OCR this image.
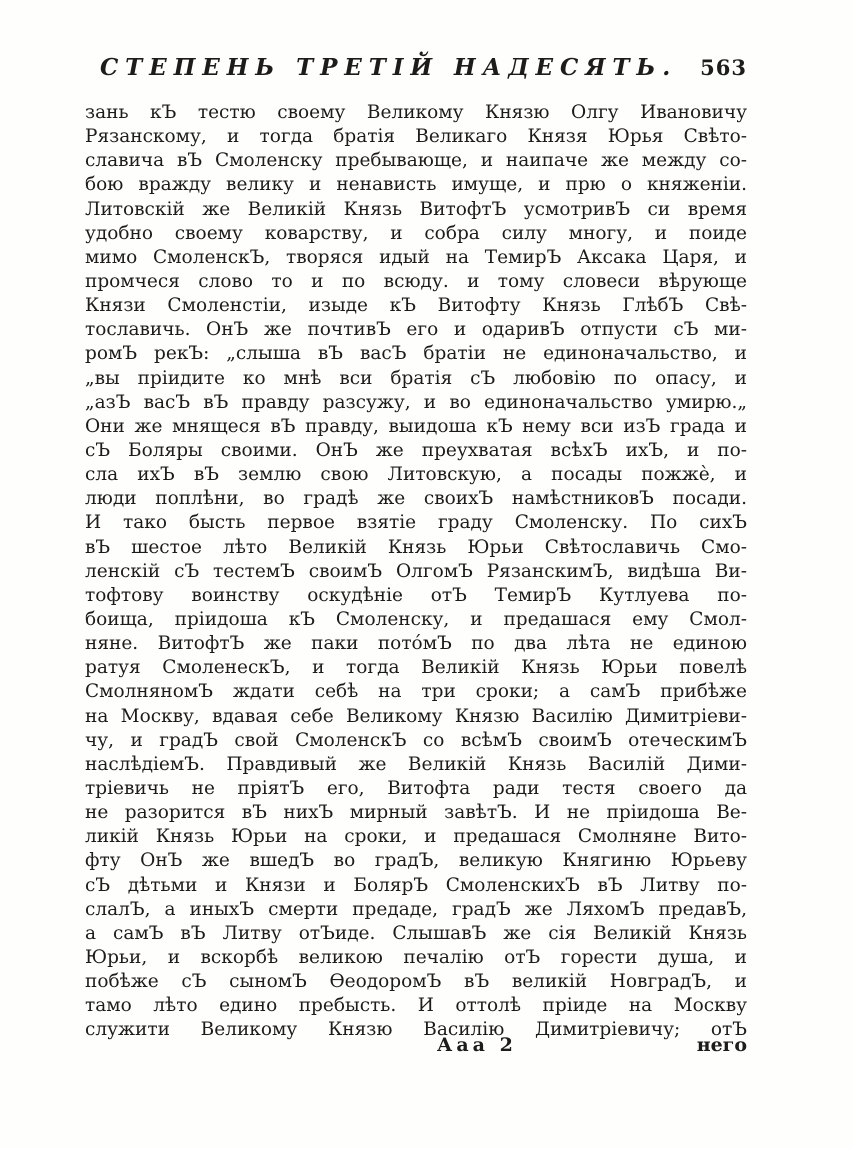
СТЕПЕНЬ ТРЕТІЙ НАДЕСЯТЬ.	563
зань кЪ тестю своему Великому Князю Олгу Ивановичу
Рязанскому, и тогда братія Великаго Князя Юрья Свѣто-
славича вЪ Смоленску пребывающе, и наипаче же между со-
бою вражду велику и ненависть имуще, и прю о княженіи.
Литовскій же Великій Князь ВитофтЪ усмотривЪ си время
удобно своему коварству, и собра силу многу, и поиде
мимо СмоленскЪ, творяся идый на ТемирЪ Аксака Царя, и
промчеся слово то и по всюду. и тому словеси вѣрующе
Князи Смоленстіи, изыде кЪ Витофту Князь ГлѣбЪ Свѣ-
тославичь. ОнЪ же почтивЪ его и одаривЪ отпусти сЪ ми-
ромЪ рекЪ: „слыша вЪ васЪ братіи не единоначальство, и
„вы пріидите ко мнѣ вси братія сЪ любовію по опасу, и
„азЪ васЪ вЪ правду разсужу, и во единоначальство умирю.„
Они же мнящеся вЪ правду, выидоша кЪ нему вси изЪ града и
сЪ Боляры своими. ОнЪ же преухватая всѣхЪ ихЪ, и по-
сла ихЪ вЪ землю свою Литовскую, а посады пожжѐ, и
люди поплѣни, во градѣ же своихЪ намѣстниковЪ посади.
И тако бысть первое взятіе граду Смоленску. По сихЪ
вЪ шестое лѣто Великій Князь Юрьи Свѣтославичь Смо-
ленскій сЪ тестемЪ своимЪ ОлгомЪ РязанскимЪ, видѣша Ви-
тофтову воинству оскудѣніе отЪ ТемирЪ Кутлуева по-
боища, пріидоша кЪ Смоленску, и предашася ему Смол-
няне. ВитофтЪ же паки пото́мЪ по два лѣта не единою
ратуя СмоленескЪ, и тогда Великій Князь Юрьи повелѣ
СмолняномЪ ждати себѣ на три сроки; а самЪ прибѣже
на Москву, вдавая себе Великому Князю Василію Димитріеви-
чу, и градЪ свой СмоленскЪ со всѣмЪ своимЪ отеческимЪ
наслѣдіемЪ. Правдивый же Великій Князь Василій Дими-
тріевичь не пріятЪ его, Витофта ради тестя своего да
не разорится вЪ нихЪ мирный завѣтЪ. И не пріидоша Ве-
ликій Князь Юрьи на сроки, и предашася Смолняне Вито-
фту ОнЪ же вшедЪ во градЪ, великую Княгиню Юрьеву
сЪ дѣтьми и Князи и БолярЪ СмоленскихЪ вЪ Литву по-
слалЪ, а иныхЪ смерти предаде, градЪ же ЛяхомЪ предавЪ,
а самЪ вЪ Литву отЪиде. СлышавЪ же сія Великій Князь
Юрьи, и вскорбѣ великою печалію отЪ горести душа, и
побѣже сЪ сыномЪ ѲеодоромЪ вЪ великій НовградЪ, и
тамо лѣто едино пребысть. И оттолѣ пріиде на Москву
служити Великому Князю Василію Димитріевичу; отЪ
Ааа 2	него
